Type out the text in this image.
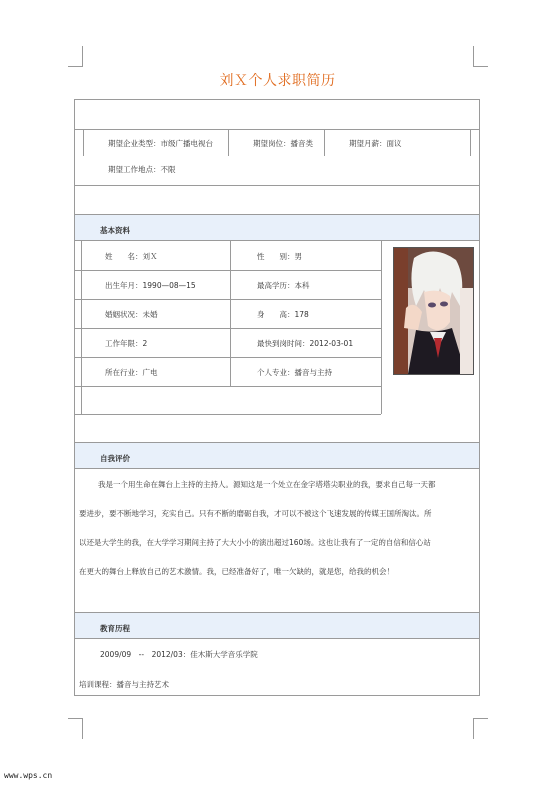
刘Ｘ个人求职简历
期望企业类型：市级广播电视台	期望岗位：播音类	期望月薪：面议
期望工作地点：不限
基本资料
姓　　名：刘Ｘ	性　　别：男
出生年月：1990—08—15	最高学历：本科
婚姻状况：未婚	身　　高：178
工作年限：2	最快到岗时间：2012-03-01
所在行业：广电	个人专业：播音与主持
自我评价
我是一个用生命在舞台上主持的主持人。源知这是一个处立在金字塔塔尖职业的我，要求自己每一天都
要进步，要不断地学习，充实自己。只有不断的磨砺自我，才可以不被这个飞速发展的传媒王国所淘汰。所
以还是大学生的我，在大学学习期间主持了大大小小的演出超过160场。这也让我有了一定的自信和信心站
在更大的舞台上释放自己的艺术激情。我，已经准备好了，唯一欠缺的，就是您，给我的机会！
教育历程
2009/09　--　2012/03：佳木斯大学音乐学院
培训课程：播音与主持艺术
www.wps.cn
